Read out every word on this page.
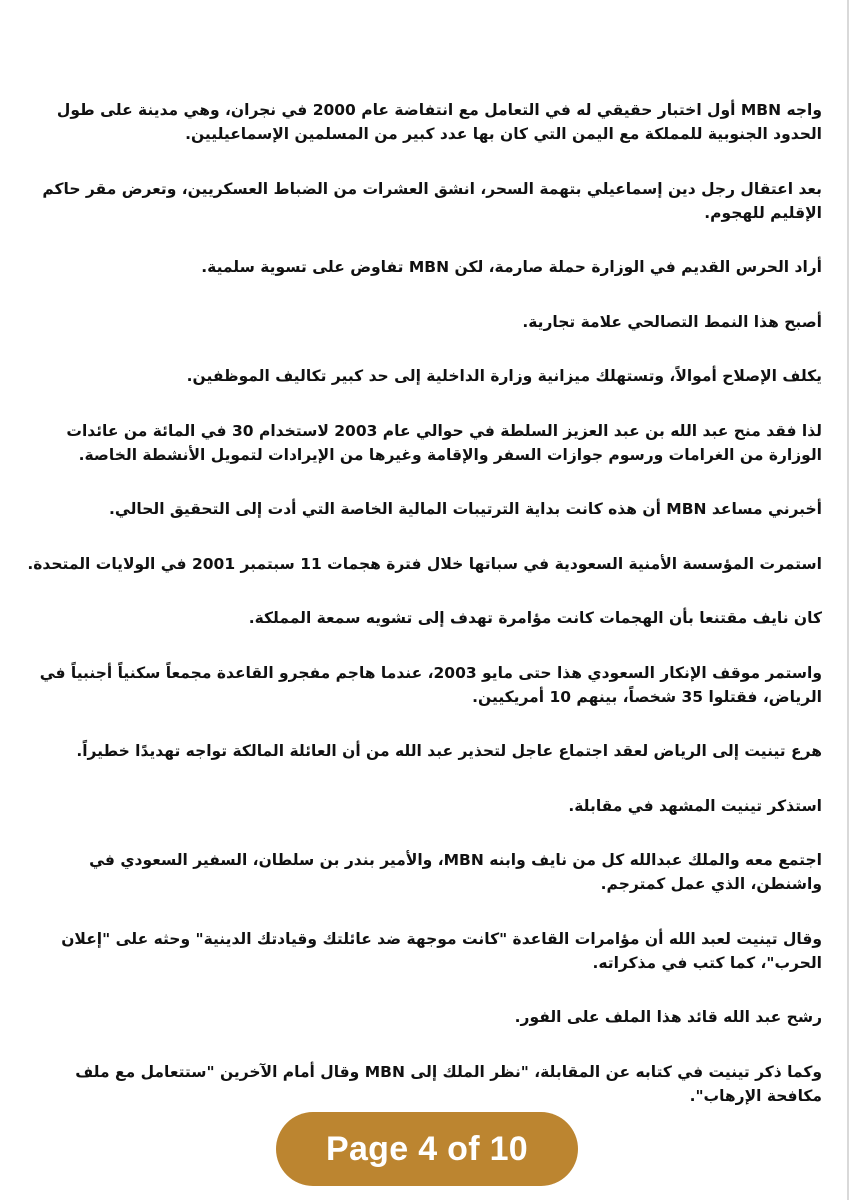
واجه MBN أول اختبار حقيقي له في التعامل مع انتفاضة عام 2000 في نجران، وهي مدينة على طول الحدود الجنوبية للمملكة مع اليمن التي كان بها عدد كبير من المسلمين الإسماعيليين.

بعد اعتقال رجل دين إسماعيلي بتهمة السحر، انشق العشرات من الضباط العسكريين، وتعرض مقر حاكم الإقليم للهجوم.

أراد الحرس القديم في الوزارة حملة صارمة، لكن MBN تفاوض على تسوية سلمية.

أصبح هذا النمط التصالحي علامة تجارية.

يكلف الإصلاح أموالاً، وتستهلك ميزانية وزارة الداخلية إلى حد كبير تكاليف الموظفين.

لذا فقد منح عبد الله بن عبد العزيز السلطة في حوالي عام 2003 لاستخدام 30 في المائة من عائدات الوزارة من الغرامات ورسوم جوازات السفر والإقامة وغيرها من الإيرادات لتمويل الأنشطة الخاصة.

أخبرني مساعد MBN أن هذه كانت بداية الترتيبات المالية الخاصة التي أدت إلى التحقيق الحالي.

استمرت المؤسسة الأمنية السعودية في سباتها خلال فترة هجمات 11 سبتمبر 2001 في الولايات المتحدة.

كان نايف مقتنعا بأن الهجمات كانت مؤامرة تهدف إلى تشويه سمعة المملكة.

واستمر موقف الإنكار السعودي هذا حتى مايو 2003، عندما هاجم مفجرو القاعدة مجمعاً سكنياً أجنبياً في الرياض، فقتلوا 35 شخصاً، بينهم 10 أمريكيين.

هرع تينيت إلى الرياض لعقد اجتماع عاجل لتحذير عبد الله من أن العائلة المالكة تواجه تهديدًا خطيراً.

استذكر تينيت المشهد في مقابلة.

اجتمع معه والملك عبدالله كل من نايف وابنه MBN، والأمير بندر بن سلطان، السفير السعودي في واشنطن، الذي عمل كمترجم.

وقال تينيت لعبد الله أن مؤامرات القاعدة "كانت موجهة ضد عائلتك وقيادتك الدينية" وحثه على "إعلان الحرب"، كما كتب في مذكراته.

رشح عبد الله قائد هذا الملف على الفور.

وكما ذكر تينيت في كتابه عن المقابلة، "نظر الملك إلى MBN وقال أمام الآخرين "ستتعامل مع ملف مكافحة الإرهاب".

Page 4 of 10
